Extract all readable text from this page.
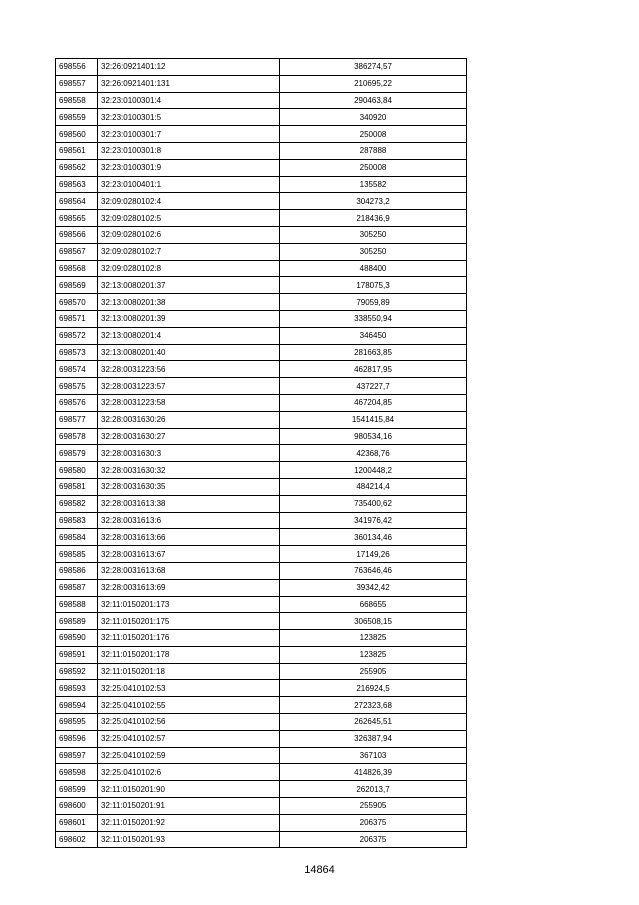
698556	32:26:0921401:12	386274,57
698557	32:26:0921401:131	210695,22
698558	32:23:0100301:4	290463,84
698559	32:23:0100301:5	340920
698560	32:23:0100301:7	250008
698561	32:23:0100301:8	287888
698562	32:23:0100301:9	250008
698563	32:23:0100401:1	135582
698564	32:09:0280102:4	304273,2
698565	32:09:0280102:5	218436,9
698566	32:09:0280102:6	305250
698567	32:09:0280102:7	305250
698568	32:09:0280102:8	488400
698569	32:13:0080201:37	178075,3
698570	32:13:0080201:38	79059,89
698571	32:13:0080201:39	338550,94
698572	32:13:0080201:4	346450
698573	32:13:0080201:40	281663,85
698574	32:28:0031223:56	462817,95
698575	32:28:0031223:57	437227,7
698576	32:28:0031223:58	467204,85
698577	32:28:0031630:26	1541415,84
698578	32:28:0031630:27	980534,16
698579	32:28:0031630:3	42368,76
698580	32:28:0031630:32	1200448,2
698581	32:28:0031630:35	484214,4
698582	32:28:0031613:38	735400,62
698583	32:28:0031613:6	341976,42
698584	32:28:0031613:66	360134,46
698585	32:28:0031613:67	17149,26
698586	32:28:0031613:68	763646,46
698587	32:28:0031613:69	39342,42
698588	32:11:0150201:173	668655
698589	32:11:0150201:175	306508,15
698590	32:11:0150201:176	123825
698591	32:11:0150201:178	123825
698592	32:11:0150201:18	255905
698593	32:25:0410102:53	216924,5
698594	32:25:0410102:55	272323,68
698595	32:25:0410102:56	262645,51
698596	32:25:0410102:57	326387,94
698597	32:25:0410102:59	367103
698598	32:25:0410102:6	414826,39
698599	32:11:0150201:90	262013,7
698600	32:11:0150201:91	255905
698601	32:11:0150201:92	206375
698602	32:11:0150201:93	206375
14864
